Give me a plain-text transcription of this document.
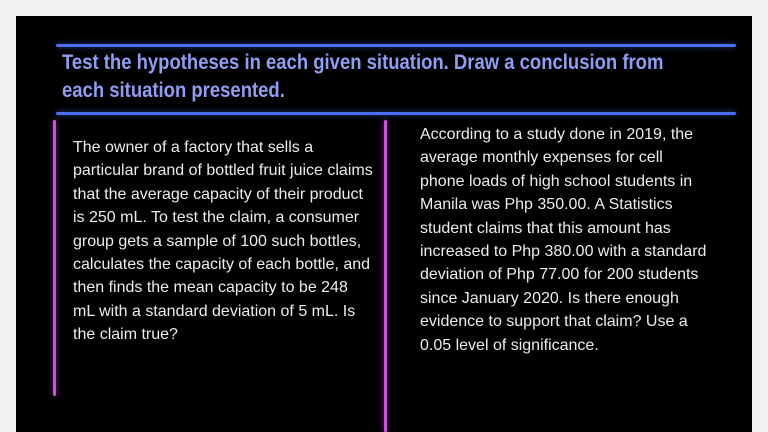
Test the hypotheses in each given situation. Draw a conclusion from
each situation presented.

The owner of a factory that sells a particular brand of bottled fruit juice claims that the average capacity of their product is 250 mL. To test the claim, a consumer group gets a sample of 100 such bottles, calculates the capacity of each bottle, and then finds the mean capacity to be 248 mL with a standard deviation of 5 mL. Is the claim true?

According to a study done in 2019, the average monthly expenses for cell phone loads of high school students in Manila was Php 350.00. A Statistics student claims that this amount has increased to Php 380.00 with a standard deviation of Php 77.00 for 200 students since January 2020. Is there enough evidence to support that claim? Use a 0.05 level of significance.
